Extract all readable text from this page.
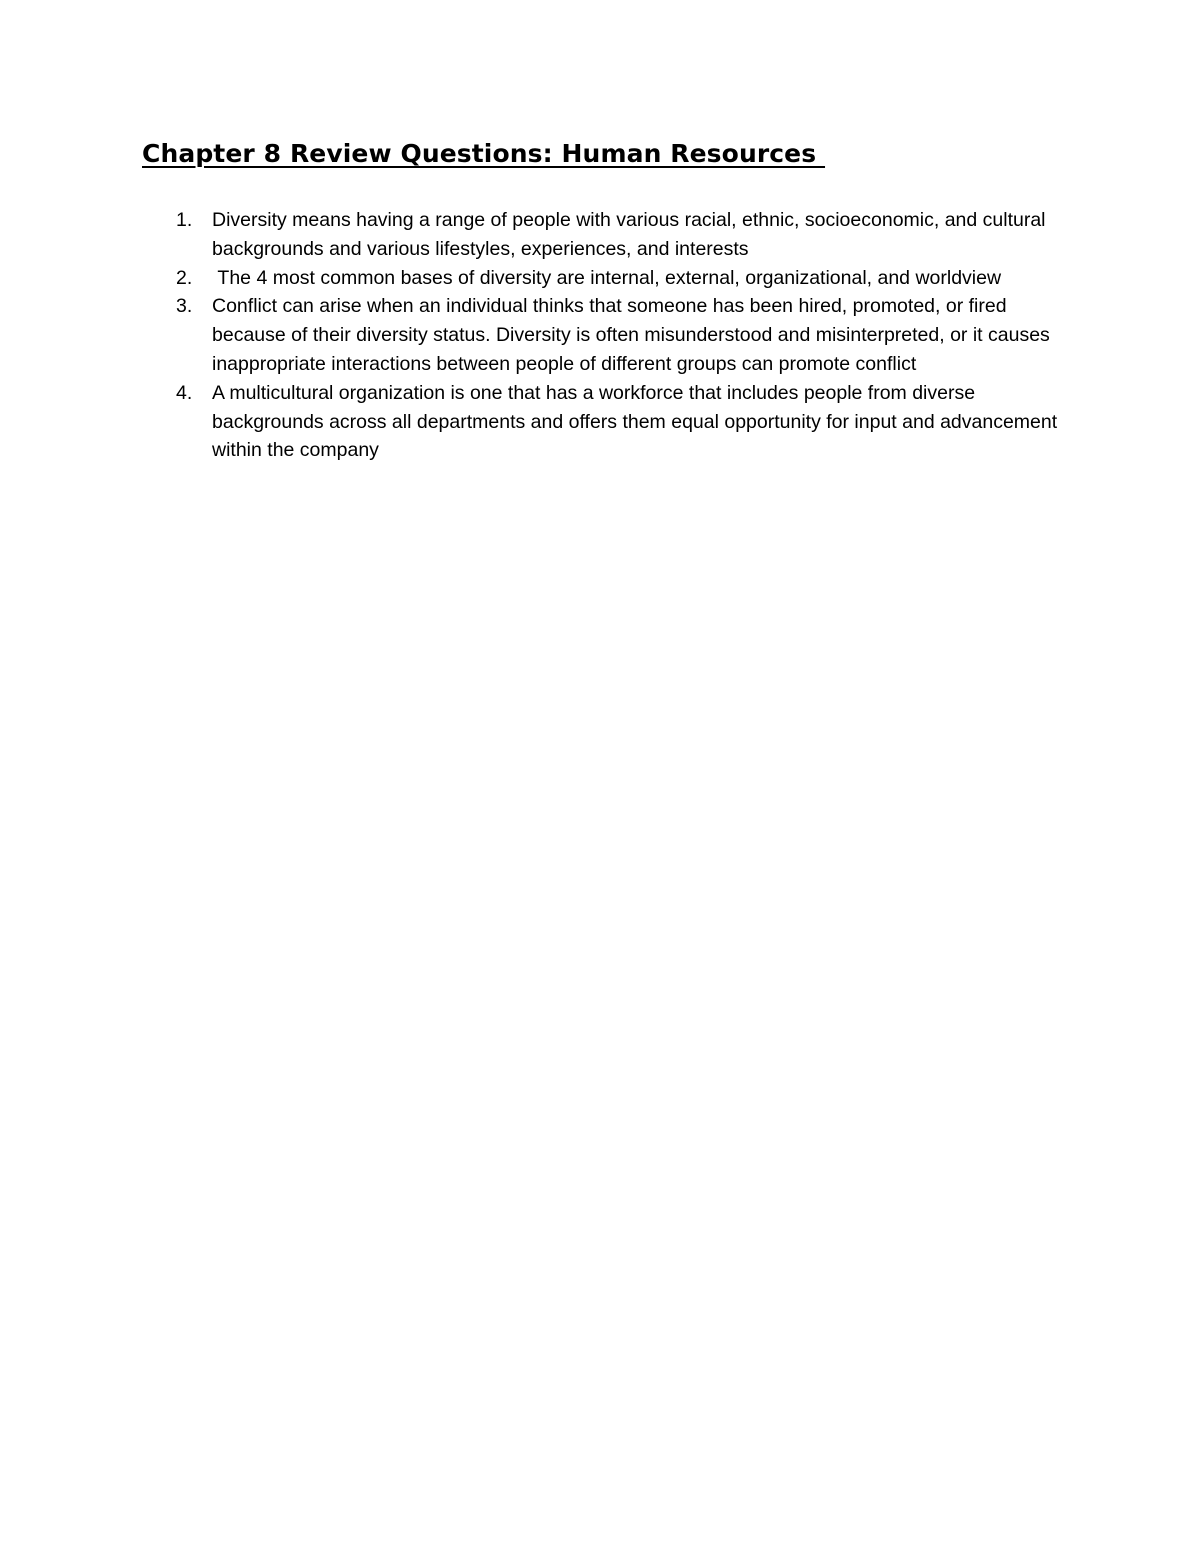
Chapter 8 Review Questions: Human Resources
1.	Diversity means having a range of people with various racial, ethnic, socioeconomic, and cultural backgrounds and various lifestyles, experiences, and interests
2.	The 4 most common bases of diversity are internal, external, organizational, and worldview
3.	Conflict can arise when an individual thinks that someone has been hired, promoted, or fired because of their diversity status. Diversity is often misunderstood and misinterpreted, or it causes inappropriate interactions between people of different groups can promote conflict
4.	A multicultural organization is one that has a workforce that includes people from diverse backgrounds across all departments and offers them equal opportunity for input and advancement within the company
